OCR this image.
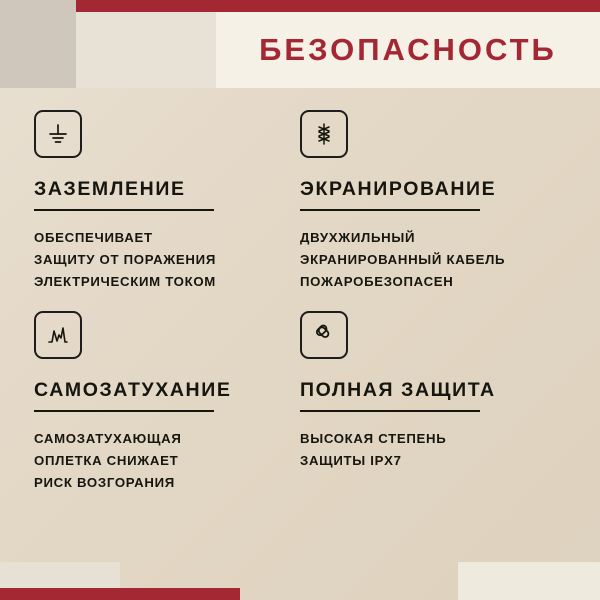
БЕЗОПАСНОСТЬ

ЗАЗЕМЛЕНИЕ

ОБЕСПЕЧИВАЕТ
ЗАЩИТУ ОТ ПОРАЖЕНИЯ
ЭЛЕКТРИЧЕСКИМ ТОКОМ

ЭКРАНИРОВАНИЕ

ДВУХЖИЛЬНЫЙ
ЭКРАНИРОВАННЫЙ КАБЕЛЬ
ПОЖАРОБЕЗОПАСЕН

САМОЗАТУХАНИЕ

САМОЗАТУХАЮЩАЯ
ОПЛЕТКА СНИЖАЕТ
РИСК ВОЗГОРАНИЯ

ПОЛНАЯ ЗАЩИТА

ВЫСОКАЯ СТЕПЕНЬ
ЗАЩИТЫ IPX7
